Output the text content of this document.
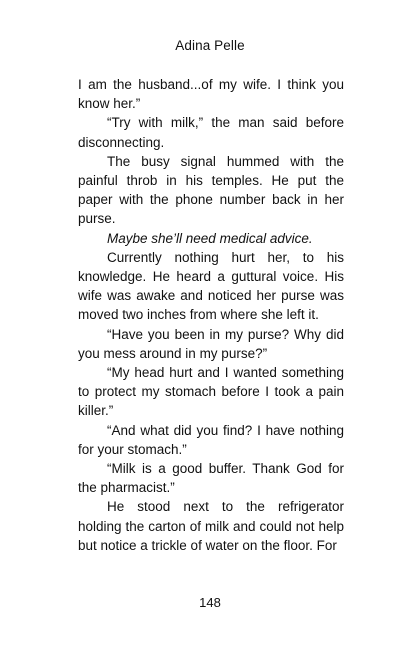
Adina Pelle

I am the husband...of my wife. I think you know her.”

“Try with milk,” the man said before disconnecting.

The busy signal hummed with the painful throb in his temples. He put the paper with the phone number back in her purse.

Maybe she’ll need medical advice.

Currently nothing hurt her, to his knowledge. He heard a guttural voice. His wife was awake and noticed her purse was moved two inches from where she left it.

“Have you been in my purse? Why did you mess around in my purse?”

“My head hurt and I wanted something to protect my stomach before I took a pain killer.”

“And what did you find? I have nothing for your stomach.”

“Milk is a good buffer. Thank God for the pharmacist.”

He stood next to the refrigerator holding the carton of milk and could not help but notice a trickle of water on the floor. For

148
